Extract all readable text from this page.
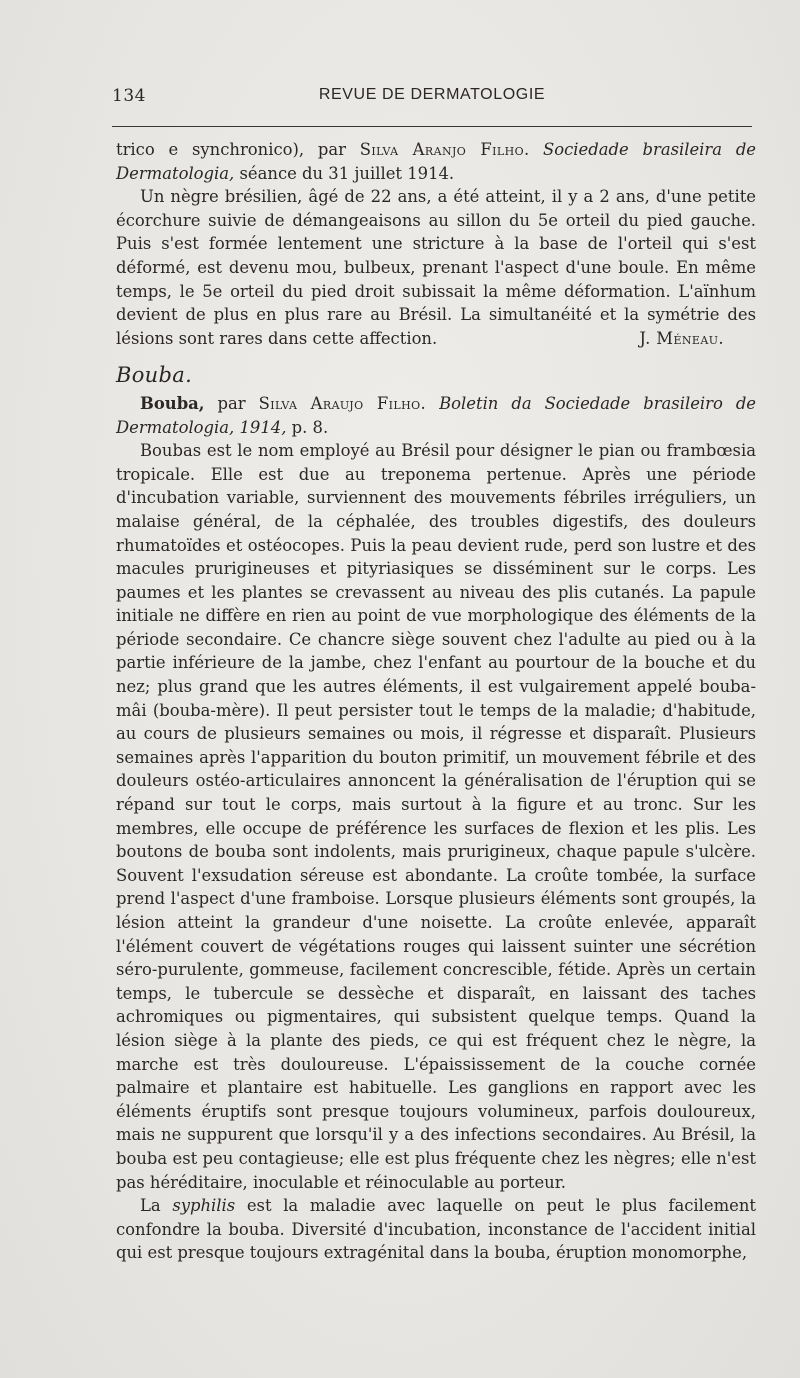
134	REVUE DE DERMATOLOGIE

trico e synchronico), par Silva Aranjo Filho. Sociedade brasileira de Dermatologia, séance du 31 juillet 1914.

Un nègre brésilien, âgé de 22 ans, a été atteint, il y a 2 ans, d'une petite écorchure suivie de démangeaisons au sillon du 5e orteil du pied gauche. Puis s'est formée lentement une stricture à la base de l'orteil qui s'est déformé, est devenu mou, bulbeux, prenant l'aspect d'une boule. En même temps, le 5e orteil du pied droit subissait la même déformation. L'aïnhum devient de plus en plus rare au Brésil. La simultanéité et la symétrie des lésions sont rares dans cette affection.	J. Méneau.

Bouba.

Bouba, par Silva Araujo Filho. Boletin da Sociedade brasileiro de Dermatologia, 1914, p. 8.

Boubas est le nom employé au Brésil pour désigner le pian ou frambœsia tropicale. Elle est due au treponema pertenue. Après une période d'incubation variable, surviennent des mouvements fébriles irréguliers, un malaise général, de la céphalée, des troubles digestifs, des douleurs rhumatoïdes et ostéocopes. Puis la peau devient rude, perd son lustre et des macules prurigineuses et pityriasiques se disséminent sur le corps. Les paumes et les plantes se crevassent au niveau des plis cutanés. La papule initiale ne diffère en rien au point de vue morphologique des éléments de la période secondaire. Ce chancre siège souvent chez l'adulte au pied ou à la partie inférieure de la jambe, chez l'enfant au pourtour de la bouche et du nez; plus grand que les autres éléments, il est vulgairement appelé bouba-mâi (bouba-mère). Il peut persister tout le temps de la maladie; d'habitude, au cours de plusieurs semaines ou mois, il régresse et disparaît. Plusieurs semaines après l'apparition du bouton primitif, un mouvement fébrile et des douleurs ostéo-articulaires annoncent la généralisation de l'éruption qui se répand sur tout le corps, mais surtout à la figure et au tronc. Sur les membres, elle occupe de préférence les surfaces de flexion et les plis. Les boutons de bouba sont indolents, mais prurigineux, chaque papule s'ulcère. Souvent l'exsudation séreuse est abondante. La croûte tombée, la surface prend l'aspect d'une framboise. Lorsque plusieurs éléments sont groupés, la lésion atteint la grandeur d'une noisette. La croûte enlevée, apparaît l'élément couvert de végétations rouges qui laissent suinter une sécrétion séro-purulente, gommeuse, facilement concrescible, fétide. Après un certain temps, le tubercule se dessèche et disparaît, en laissant des taches achromiques ou pigmentaires, qui subsistent quelque temps. Quand la lésion siège à la plante des pieds, ce qui est fréquent chez le nègre, la marche est très douloureuse. L'épaississement de la couche cornée palmaire et plantaire est habituelle. Les ganglions en rapport avec les éléments éruptifs sont presque toujours volumineux, parfois douloureux, mais ne suppurent que lorsqu'il y a des infections secondaires. Au Brésil, la bouba est peu contagieuse; elle est plus fréquente chez les nègres; elle n'est pas héréditaire, inoculable et réinoculable au porteur.

La syphilis est la maladie avec laquelle on peut le plus facilement confondre la bouba. Diversité d'incubation, inconstance de l'accident initial qui est presque toujours extragénital dans la bouba, éruption monomorphe,
